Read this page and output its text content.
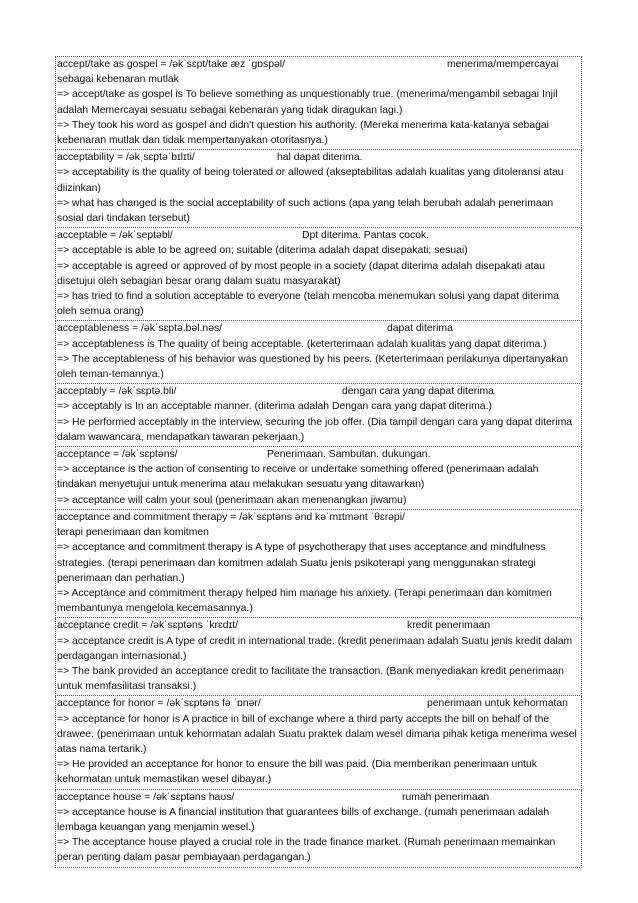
accept/take as gospel = /əkˈsɛpt/take æz ˈɡɒspəl/	menerima/mempercayai
sebagai kebenaran mutlak
=> accept/take as gospel is To believe something as unquestionably true. (menerima/mengambil sebagai Injil adalah Memercayai sesuatu sebagai kebenaran yang tidak diragukan lagi.)
=> They took his word as gospel and didn't question his authority. (Mereka menerima kata-katanya sebagai kebenaran mutlak dan tidak mempertanyakan otoritasnya.)
acceptability = /əkˌsɛptəˈbɪlɪti/	hal dapat diterima.
=> acceptability is the quality of being tolerated or allowed (akseptabilitas adalah kualitas yang ditoleransi atau diizinkan)
=> what has changed is the social acceptability of such actions (apa yang telah berubah adalah penerimaan sosial dari tindakan tersebut)
acceptable = /əkˈseptəbl/	Dpt diterima. Pantas cocok.
=> acceptable is able to be agreed on; suitable (diterima adalah dapat disepakati; sesuai)
=> acceptable is agreed or approved of by most people in a society (dapat diterima adalah disepakati atau disetujui oleh sebagian besar orang dalam suatu masyarakat)
=> has tried to find a solution acceptable to everyone (telah mencoba menemukan solusi yang dapat diterima oleh semua orang)
acceptableness = /əkˈsɛptə.bəl.nəs/	dapat diterima
=> acceptableness is The quality of being acceptable. (keterterimaan adalah kualitas yang dapat diterima.)
=> The acceptableness of his behavior was questioned by his peers. (Keterterimaan perilakunya dipertanyakan oleh teman-temannya.)
acceptably = /əkˈsɛptə.bli/	dengan cara yang dapat diterima
=> acceptably is In an acceptable manner. (diterima adalah Dengan cara yang dapat diterima.)
=> He performed acceptably in the interview, securing the job offer. (Dia tampil dengan cara yang dapat diterima dalam wawancara, mendapatkan tawaran pekerjaan.)
acceptance = /əkˈsɛptəns/	Penerimaan. Sambutan. dukungan.
=> acceptance is the action of consenting to receive or undertake something offered (penerimaan adalah tindakan menyetujui untuk menerima atau melakukan sesuatu yang ditawarkan)
=> acceptance will calm your soul (penerimaan akan menenangkan jiwamu)
acceptance and commitment therapy = /əkˈsɛptəns ənd kəˈmɪtmənt ˈθɛrəpi/
terapi penerimaan dan komitmen
=> acceptance and commitment therapy is A type of psychotherapy that uses acceptance and mindfulness strategies. (terapi penerimaan dan komitmen adalah Suatu jenis psikoterapi yang menggunakan strategi penerimaan dan perhatian.)
=> Acceptance and commitment therapy helped him manage his anxiety. (Terapi penerimaan dan komitmen membantunya mengelola kecemasannya.)
acceptance credit = /əkˈsɛptəns ˈkrɛdɪt/	kredit penerimaan
=> acceptance credit is A type of credit in international trade. (kredit penerimaan adalah Suatu jenis kredit dalam perdagangan internasional.)
=> The bank provided an acceptance credit to facilitate the transaction. (Bank menyediakan kredit penerimaan untuk memfasilitasi transaksi.)
acceptance for honor = /əkˈsɛptəns fə ˈɒnər/	penerimaan untuk kehormatan
=> acceptance for honor is A practice in bill of exchange where a third party accepts the bill on behalf of the drawee. (penerimaan untuk kehormatan adalah Suatu praktek dalam wesel dimana pihak ketiga menerima wesel atas nama tertarik.)
=> He provided an acceptance for honor to ensure the bill was paid. (Dia memberikan penerimaan untuk kehormatan untuk memastikan wesel dibayar.)
acceptance house = /əkˈsɛptəns haʊs/	rumah penerimaan
=> acceptance house is A financial institution that guarantees bills of exchange. (rumah penerimaan adalah lembaga keuangan yang menjamin wesel.)
=> The acceptance house played a crucial role in the trade finance market. (Rumah penerimaan memainkan peran penting dalam pasar pembiayaan perdagangan.)
